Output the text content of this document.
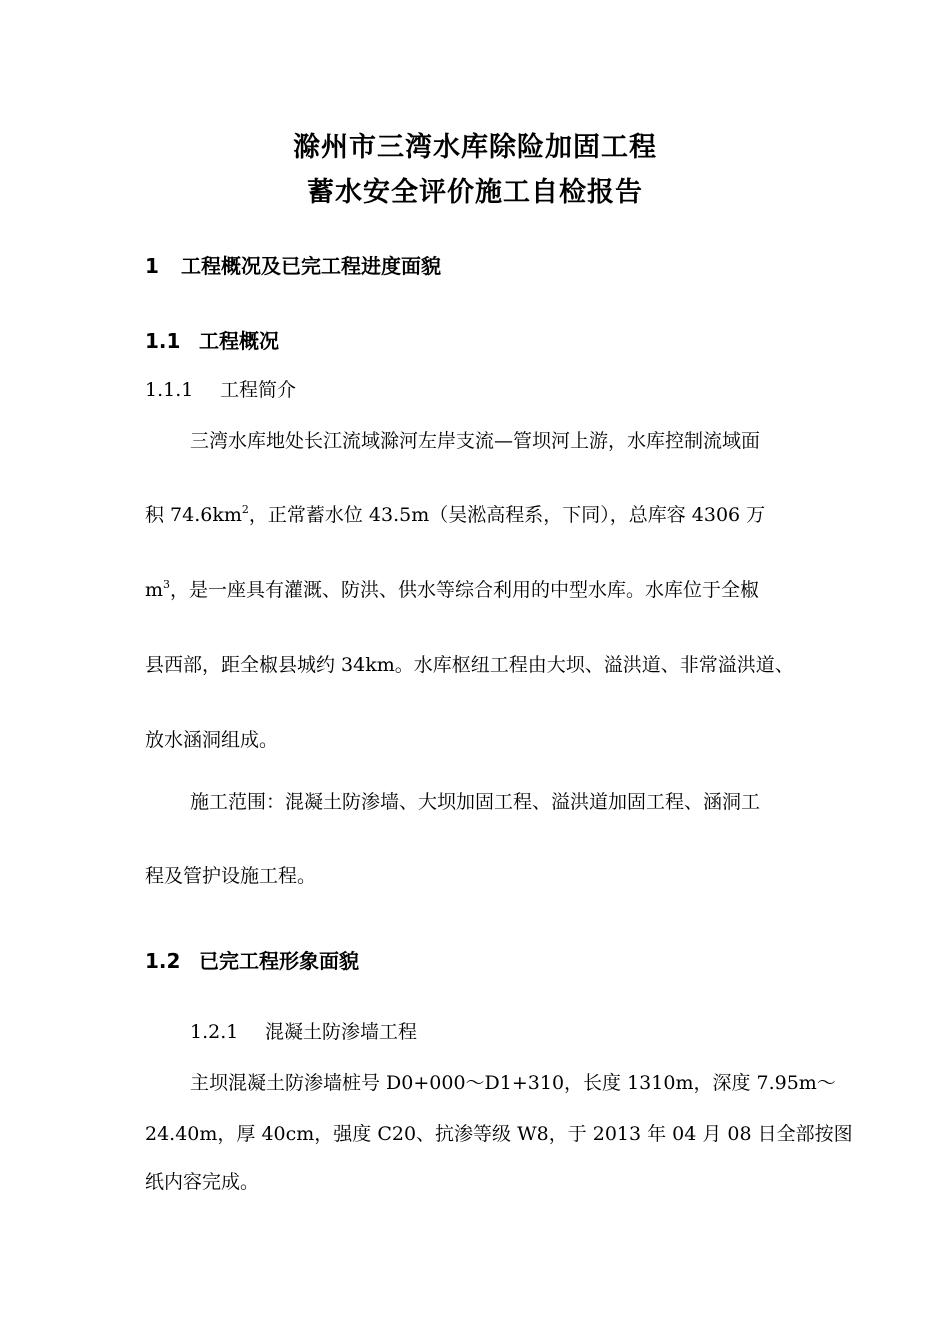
滁州市三湾水库除险加固工程
蓄水安全评价施工自检报告
1 工程概况及已完工程进度面貌
1.1 工程概况
1.1.1 工程简介
三湾水库地处长江流域滁河左岸支流—管坝河上游，水库控制流域面
积 $74.6km^2$，正常蓄水位 43.5m（吴淞高程系，下同），总库容 4306 万
$m^3$，是一座具有灌溉、防洪、供水等综合利用的中型水库。水库位于全椒
县西部，距全椒县城约 34km。水库枢纽工程由大坝、溢洪道、非常溢洪道、
放水涵洞组成。
施工范围：混凝土防渗墙、大坝加固工程、溢洪道加固工程、涵洞工
程及管护设施工程。
1.2 已完工程形象面貌
1.2.1 混凝土防渗墙工程
主坝混凝土防渗墙桩号 D0+000～D1+310，长度 1310m，深度 7.95m～
24.40m，厚 40cm，强度 C20、抗渗等级 W8，于 2013 年 04 月 08 日全部按图
纸内容完成。
